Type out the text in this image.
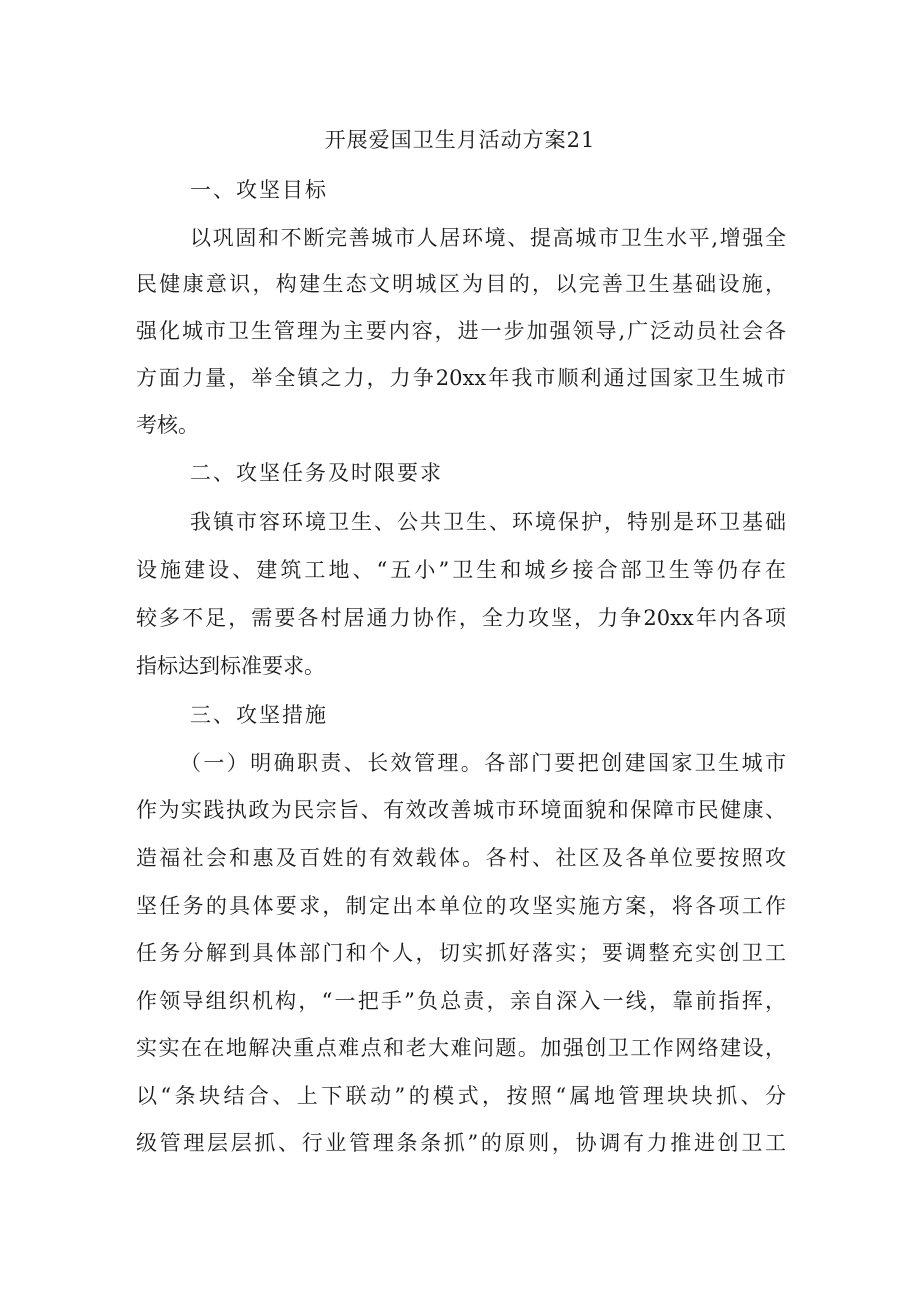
开展爱国卫生月活动方案21
一、攻坚目标
以巩固和不断完善城市人居环境、提高城市卫生水平,增强全
民健康意识，构建生态文明城区为目的，以完善卫生基础设施，
强化城市卫生管理为主要内容，进一步加强领导,广泛动员社会各
方面力量，举全镇之力，力争20xx年我市顺利通过国家卫生城市
考核。
二、攻坚任务及时限要求
我镇市容环境卫生、公共卫生、环境保护，特别是环卫基础
设施建设、建筑工地、“五小”卫生和城乡接合部卫生等仍存在
较多不足，需要各村居通力协作，全力攻坚，力争20xx年内各项
指标达到标准要求。
三、攻坚措施
（一）明确职责、长效管理。各部门要把创建国家卫生城市
作为实践执政为民宗旨、有效改善城市环境面貌和保障市民健康、
造福社会和惠及百姓的有效载体。各村、社区及各单位要按照攻
坚任务的具体要求，制定出本单位的攻坚实施方案，将各项工作
任务分解到具体部门和个人，切实抓好落实；要调整充实创卫工
作领导组织机构，“一把手”负总责，亲自深入一线，靠前指挥，
实实在在地解决重点难点和老大难问题。加强创卫工作网络建设，
以“条块结合、上下联动”的模式，按照“属地管理块块抓、分
级管理层层抓、行业管理条条抓”的原则，协调有力推进创卫工
